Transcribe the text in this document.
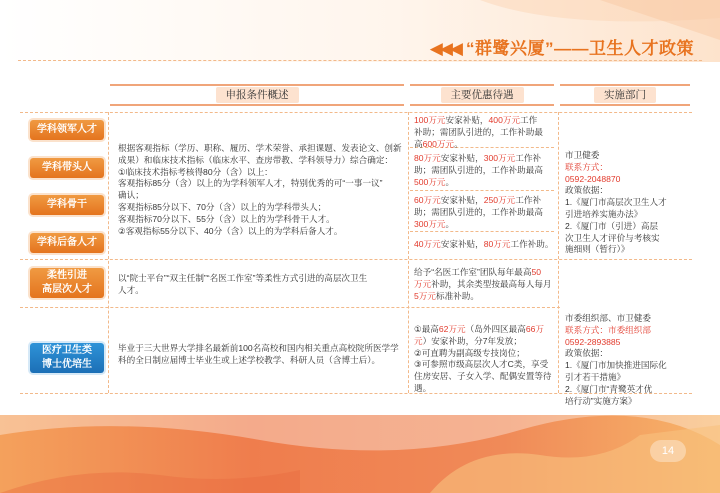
◀◀◀ “群鹭兴厦”——卫生人才政策
申报条件概述	主要优惠待遇	实施部门
学科领军人才
学科带头人
学科骨干
学科后备人才
柔性引进
高层次人才
医疗卫生类
博士优培生
根据客观指标（学历、职称、履历、学术荣誉、承担课题、发表论文、创新
成果）和临床技术指标（临床水平、查房带教、学科领导力）综合确定：
①临床技术指标考核得80分（含）以上：
客观指标85分（含）以上的为学科领军人才，特别优秀的可“一事一议”
确认；
客观指标85分以下、70分（含）以上的为学科带头人；
客观指标70分以下、55分（含）以上的为学科骨干人才。
②客观指标55分以下、40分（含）以上的为学科后备人才。
以“院士平台”“双主任制”“名医工作室”等柔性方式引进的高层次卫生
人才。
毕业于三大世界大学排名最新前100名高校和国内相关重点高校院所医学学
科的全日制应届博士毕业生或上述学校教学、科研人员（含博士后）。
100万元安家补贴，400万元工作
补助；需团队引进的，工作补助最
高600万元。
80万元安家补贴，300万元工作补
助；需团队引进的，工作补助最高
500万元。
60万元安家补贴，250万元工作补
助；需团队引进的，工作补助最高
300万元。
40万元安家补贴，80万元工作补助。
给予“名医工作室”团队每年最高50
万元补助，其余类型按最高每人每月
5万元标准补助。
①最高62万元（岛外四区最高66万
元）安家补助，分7年发放；
②可直聘为副高级专技岗位；
③可参照市级高层次人才C类，享受
住房安居、子女入学、配偶安置等待
遇。
市卫健委
联系方式：
0592-2048870
政策依据：
1.《厦门市高层次卫生人才
引进培养实施办法》
2.《厦门市（引进）高层
次卫生人才评价与考核实
施细则（暂行）》
市委组织部、市卫健委
联系方式：市委组织部
0592-2893885
政策依据：
1.《厦门市加快推进国际化
引才若干措施》
2.《厦门市“青鹭英才优
培行动”实施方案》
14
